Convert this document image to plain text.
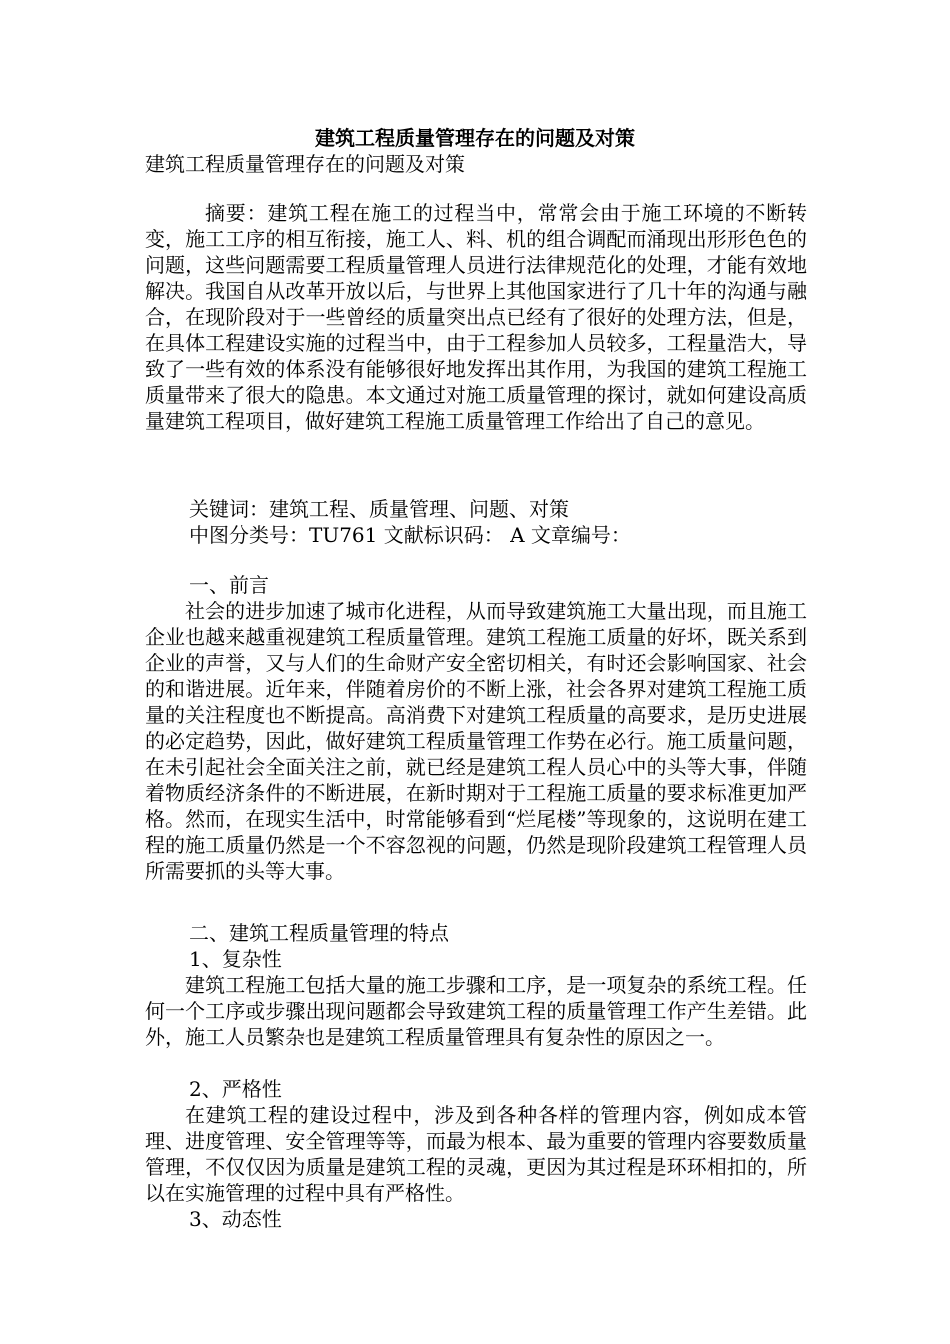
建筑工程质量管理存在的问题及对策
建筑工程质量管理存在的问题及对策
摘要：建筑工程在施工的过程当中，常常会由于施工环境的不断转变，施工工序的相互衔接，施工人、料、机的组合调配而涌现出形形色色的问题，这些问题需要工程质量管理人员进行法律规范化的处理，才能有效地解决。我国自从改革开放以后，与世界上其他国家进行了几十年的沟通与融合，在现阶段对于一些曾经的质量突出点已经有了很好的处理方法，但是，在具体工程建设实施的过程当中，由于工程参加人员较多，工程量浩大，导致了一些有效的体系没有能够很好地发挥出其作用，为我国的建筑工程施工质量带来了很大的隐患。本文通过对施工质量管理的探讨，就如何建设高质量建筑工程项目，做好建筑工程施工质量管理工作给出了自己的意见。
关键词：建筑工程、质量管理、问题、对策
中图分类号：TU761 文献标识码： A 文章编号：
一、前言
社会的进步加速了城市化进程，从而导致建筑施工大量出现，而且施工企业也越来越重视建筑工程质量管理。建筑工程施工质量的好坏，既关系到企业的声誉，又与人们的生命财产安全密切相关，有时还会影响国家、社会的和谐进展。近年来，伴随着房价的不断上涨，社会各界对建筑工程施工质量的关注程度也不断提高。高消费下对建筑工程质量的高要求，是历史进展的必定趋势，因此，做好建筑工程质量管理工作势在必行。施工质量问题，在未引起社会全面关注之前，就已经是建筑工程人员心中的头等大事，伴随着物质经济条件的不断进展，在新时期对于工程施工质量的要求标准更加严格。然而，在现实生活中，时常能够看到“烂尾楼”等现象的，这说明在建工程的施工质量仍然是一个不容忽视的问题，仍然是现阶段建筑工程管理人员所需要抓的头等大事。
二、建筑工程质量管理的特点
1、复杂性
建筑工程施工包括大量的施工步骤和工序，是一项复杂的系统工程。任何一个工序或步骤出现问题都会导致建筑工程的质量管理工作产生差错。此外，施工人员繁杂也是建筑工程质量管理具有复杂性的原因之一。
2、严格性
在建筑工程的建设过程中，涉及到各种各样的管理内容，例如成本管理、进度管理、安全管理等等，而最为根本、最为重要的管理内容要数质量管理，不仅仅因为质量是建筑工程的灵魂，更因为其过程是环环相扣的，所以在实施管理的过程中具有严格性。
3、动态性
